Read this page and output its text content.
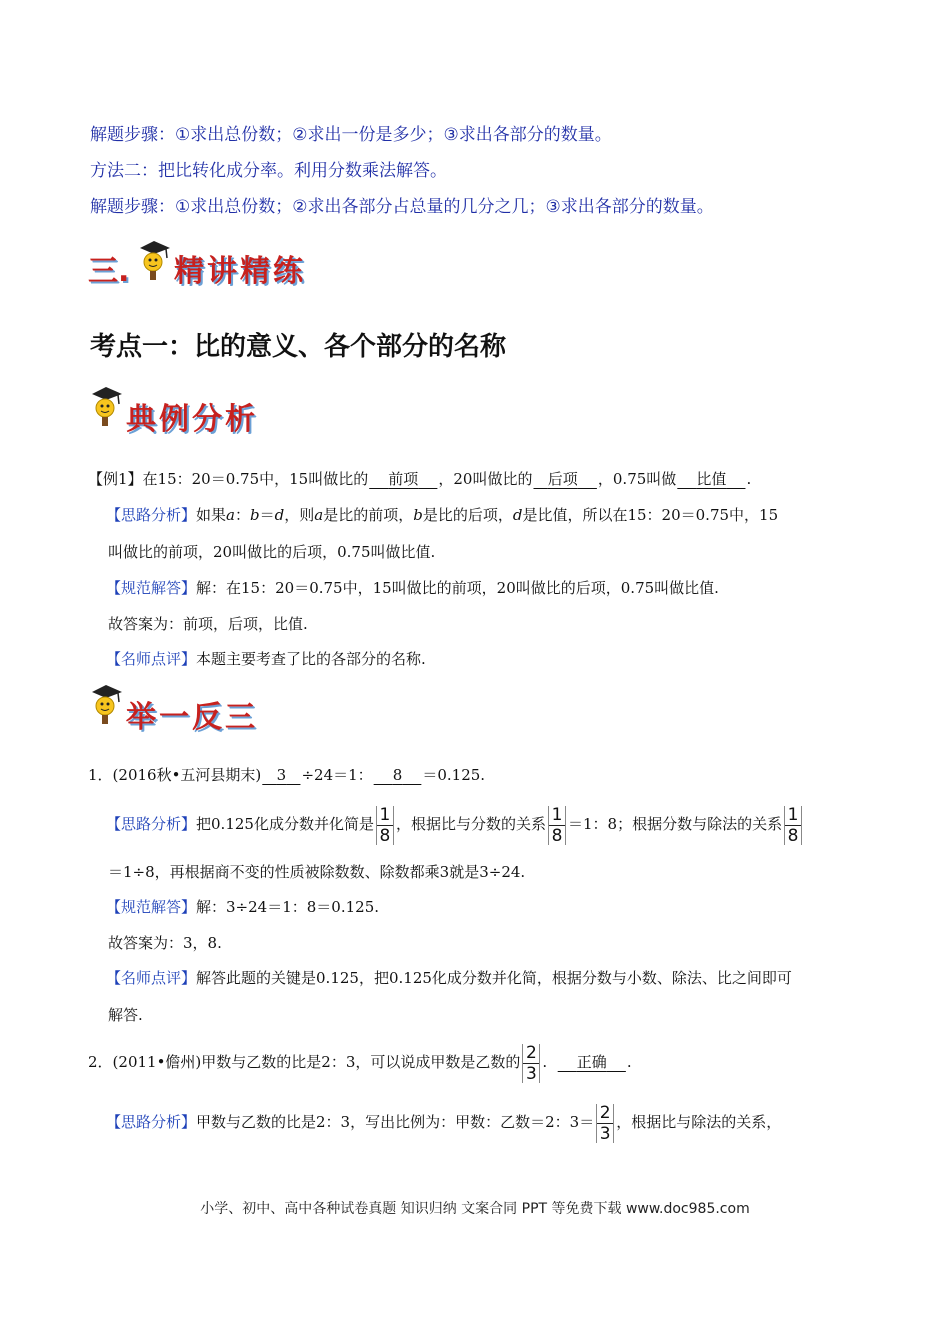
解题步骤：①求出总份数；②求出一份是多少；③求出各部分的数量。
方法二：把比转化成分率。利用分数乘法解答。
解题步骤：①求出总份数；②求出各部分占总量的几分之几；③求出各部分的数量。
三. 精讲精练
考点一：比的意义、各个部分的名称
典例分析
【例1】在15：20＝0.75中，15叫做比的 前项 ，20叫做比的 后项 ，0.75叫做 比值 .
【思路分析】如果a：b＝d，则a是比的前项，b是比的后项，d是比值，所以在15：20＝0.75中，15
叫做比的前项，20叫做比的后项，0.75叫做比值.
【规范解答】解：在15：20＝0.75中，15叫做比的前项，20叫做比的后项，0.75叫做比值.
故答案为：前项，后项，比值.
【名师点评】本题主要考查了比的各部分的名称.
举一反三
1．(2016秋•五河县期末) 3 ÷24＝1： 8 ＝0.125.
【思路分析】把0.125化成分数并化简是 $\frac{1}{8}$ ，根据比与分数的关系 $\frac{1}{8} =1$：8；根据分数与除法的关系 $\frac{1}{8}$
＝1÷8，再根据商不变的性质被除数数、除数都乘3就是3÷24.
【规范解答】解：3÷24＝1：8＝0.125.
故答案为：3，8.
【名师点评】解答此题的关键是0.125，把0.125化成分数并化简，根据分数与小数、除法、比之间即可
解答.
2．(2011•儋州)甲数与乙数的比是2：3，可以说成甲数是乙数的 $\frac{2}{3}$ . 正确 .
【思路分析】甲数与乙数的比是2：3，写出比例为：甲数：乙数＝2：$3= \frac{2}{3}$ ，根据比与除法的关系，
小学、初中、高中各种试卷真题 知识归纳 文案合同 PPT 等免费下载 www.doc985.com
